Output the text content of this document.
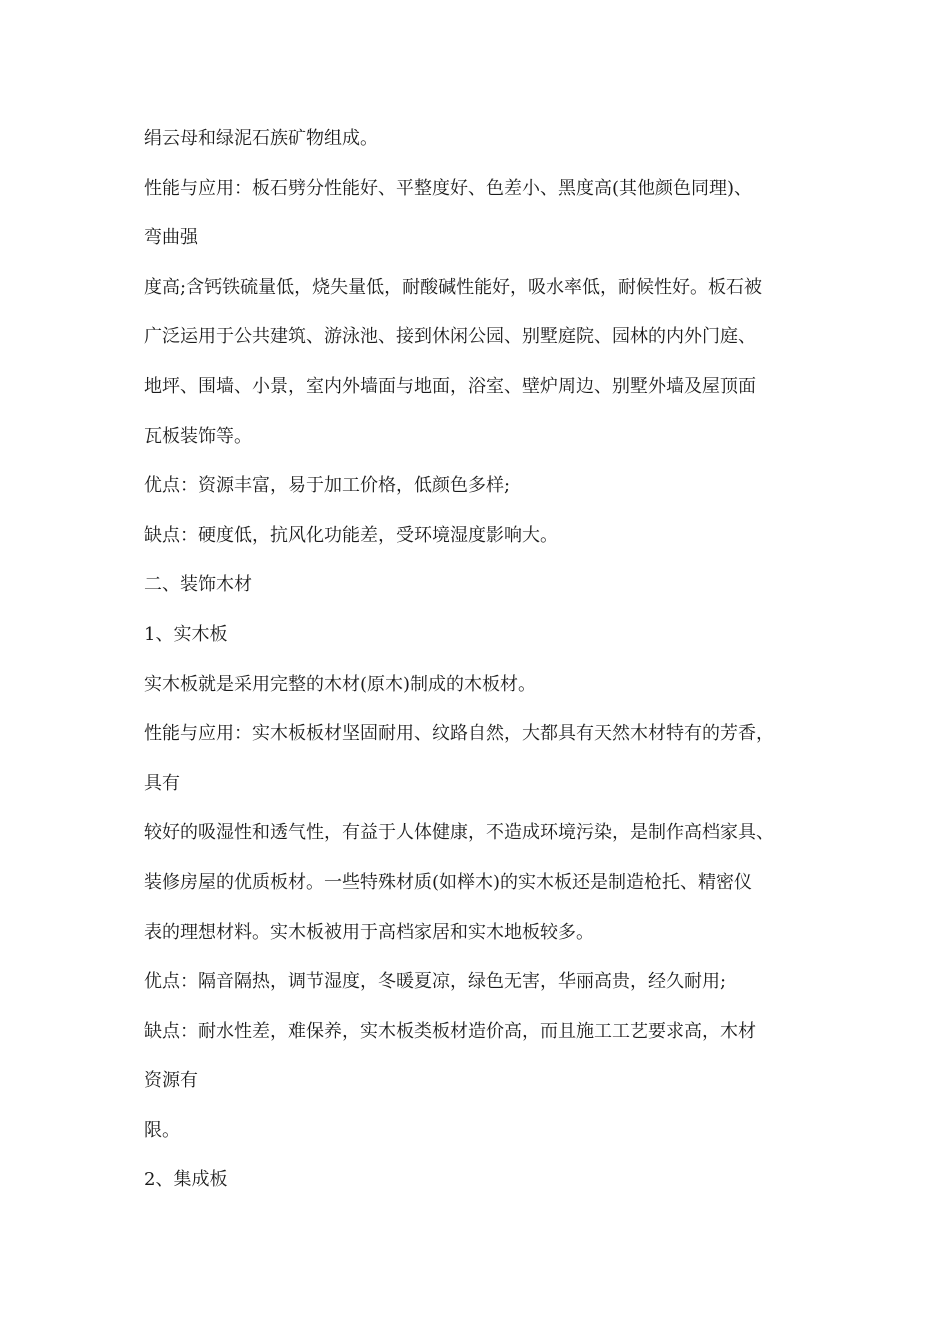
绢云母和绿泥石族矿物组成。
性能与应用：板石劈分性能好、平整度好、色差小、黑度高(其他颜色同理)、
弯曲强
度高;含钙铁硫量低，烧失量低，耐酸碱性能好，吸水率低，耐候性好。板石被
广泛运用于公共建筑、游泳池、接到休闲公园、别墅庭院、园林的内外门庭、
地坪、围墙、小景，室内外墙面与地面，浴室、壁炉周边、别墅外墙及屋顶面
瓦板装饰等。
优点：资源丰富，易于加工价格，低颜色多样;
缺点：硬度低，抗风化功能差，受环境湿度影响大。
二、装饰木材
1、实木板
实木板就是采用完整的木材(原木)制成的木板材。
性能与应用：实木板板材坚固耐用、纹路自然，大都具有天然木材特有的芳香，
具有
较好的吸湿性和透气性，有益于人体健康，不造成环境污染，是制作高档家具、
装修房屋的优质板材。一些特殊材质(如榉木)的实木板还是制造枪托、精密仪
表的理想材料。实木板被用于高档家居和实木地板较多。
优点：隔音隔热，调节湿度，冬暖夏凉，绿色无害，华丽高贵，经久耐用;
缺点：耐水性差，难保养，实木板类板材造价高，而且施工工艺要求高，木材
资源有
限。
2、集成板
